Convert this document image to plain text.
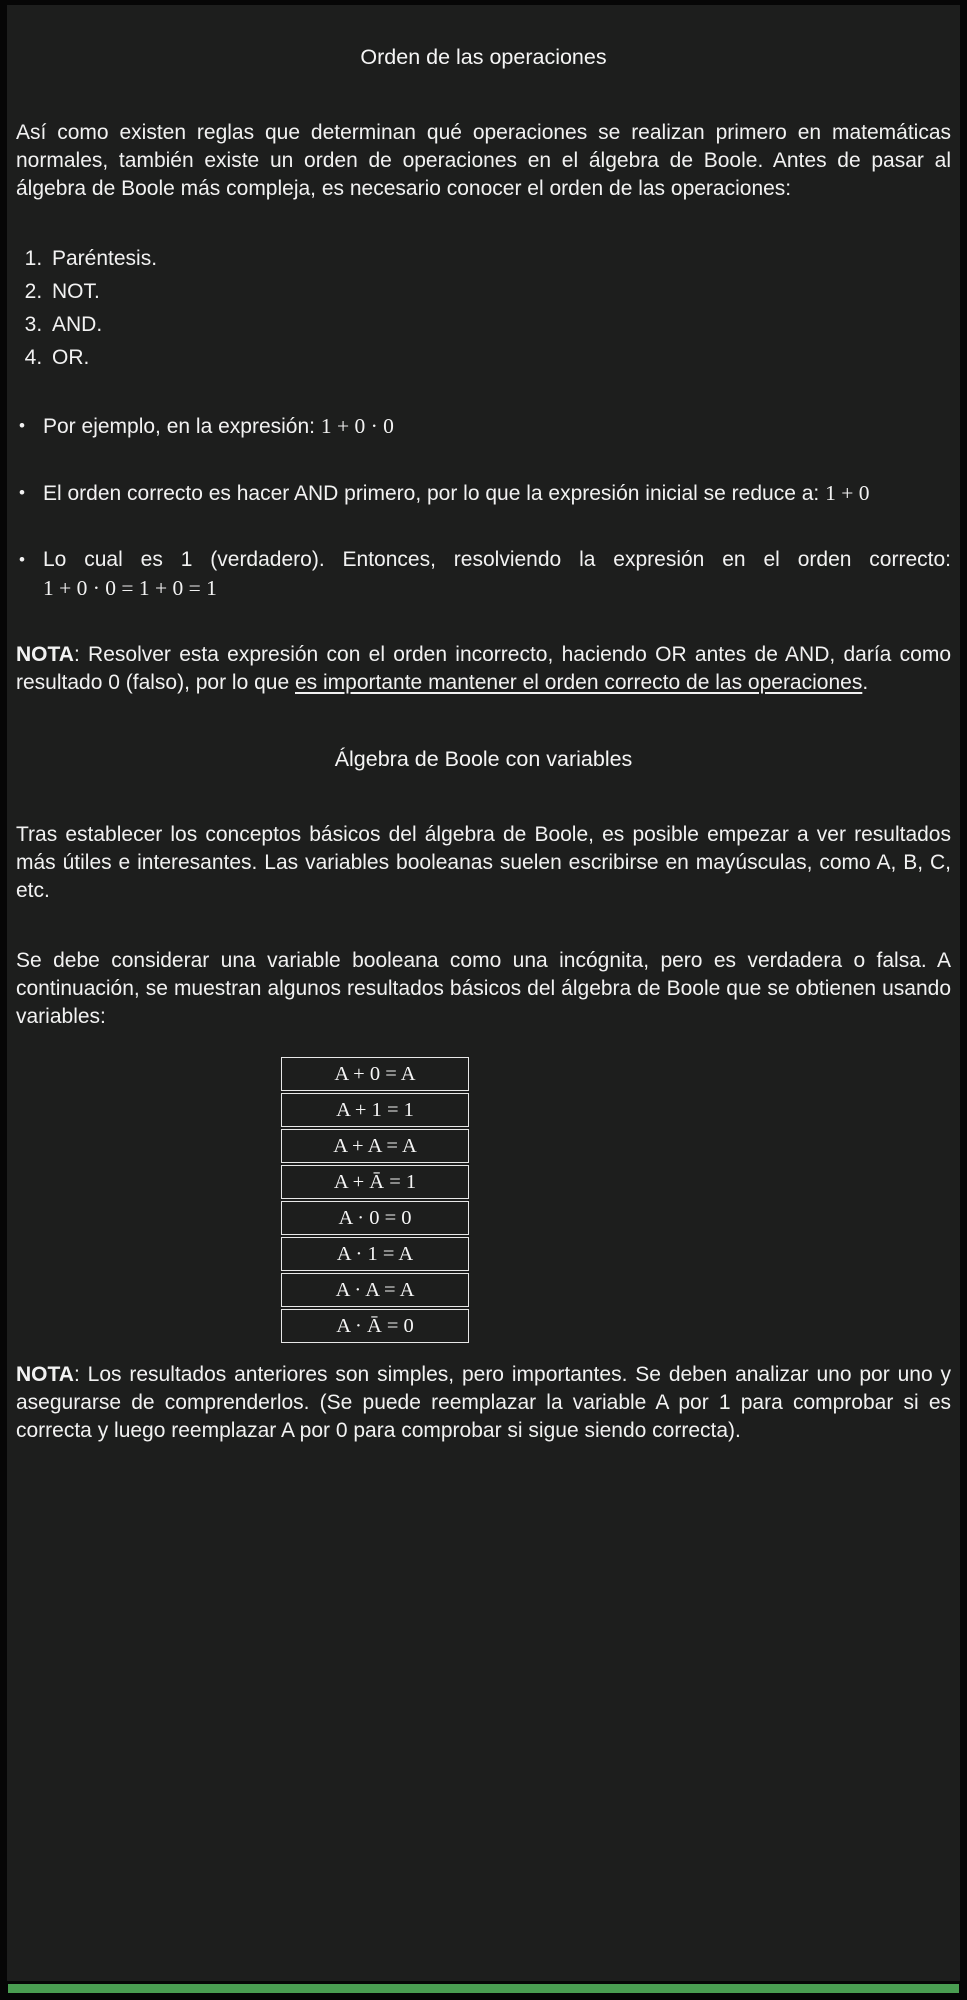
Orden de las operaciones

Así como existen reglas que determinan qué operaciones se realizan primero en matemáticas normales, también existe un orden de operaciones en el álgebra de Boole. Antes de pasar al álgebra de Boole más compleja, es necesario conocer el orden de las operaciones:

1. Paréntesis.
2. NOT.
3. AND.
4. OR.
• Por ejemplo, en la expresión: 1 + 0 · 0
• El orden correcto es hacer AND primero, por lo que la expresión inicial se reduce a: 1 + 0
• Lo cual es 1 (verdadero). Entonces, resolviendo la expresión en el orden correcto: 1 + 0 · 0 = 1 + 0 = 1

NOTA: Resolver esta expresión con el orden incorrecto, haciendo OR antes de AND, daría como resultado 0 (falso), por lo que es importante mantener el orden correcto de las operaciones.

Álgebra de Boole con variables

Tras establecer los conceptos básicos del álgebra de Boole, es posible empezar a ver resultados más útiles e interesantes. Las variables booleanas suelen escribirse en mayúsculas, como A, B, C, etc.

Se debe considerar una variable booleana como una incógnita, pero es verdadera o falsa. A continuación, se muestran algunos resultados básicos del álgebra de Boole que se obtienen usando variables:

A + 0 = A
A + 1 = 1
A + A = A
A + Ā = 1
A · 0 = 0
A · 1 = A
A · A = A
A · Ā = 0

NOTA: Los resultados anteriores son simples, pero importantes. Se deben analizar uno por uno y asegurarse de comprenderlos. (Se puede reemplazar la variable A por 1 para comprobar si es correcta y luego reemplazar A por 0 para comprobar si sigue siendo correcta).
